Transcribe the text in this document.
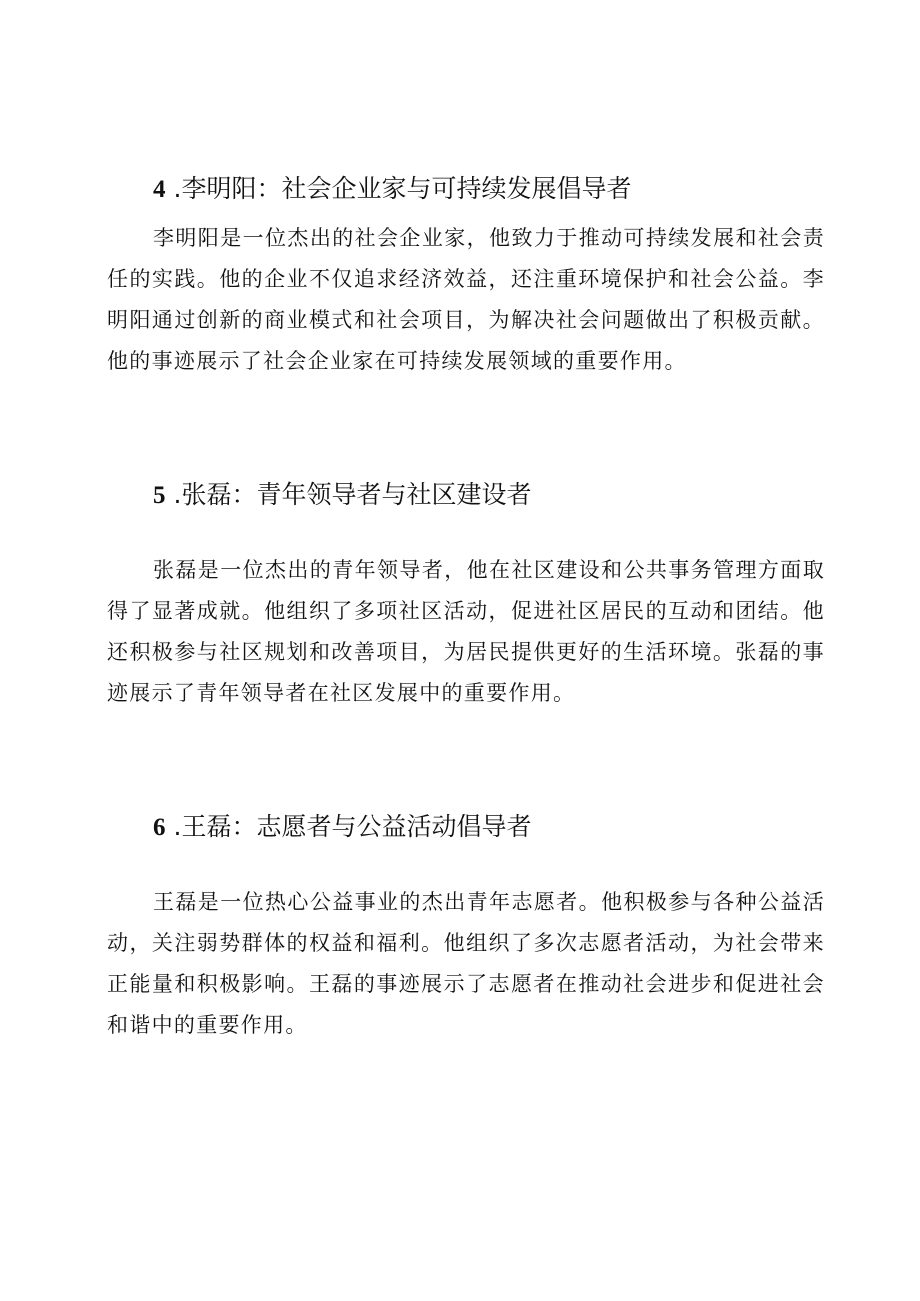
4 .李明阳：社会企业家与可持续发展倡导者

李明阳是一位杰出的社会企业家，他致力于推动可持续发展和社会责任的实践。他的企业不仅追求经济效益，还注重环境保护和社会公益。李明阳通过创新的商业模式和社会项目，为解决社会问题做出了积极贡献。他的事迹展示了社会企业家在可持续发展领域的重要作用。

5 .张磊：青年领导者与社区建设者

张磊是一位杰出的青年领导者，他在社区建设和公共事务管理方面取得了显著成就。他组织了多项社区活动，促进社区居民的互动和团结。他还积极参与社区规划和改善项目，为居民提供更好的生活环境。张磊的事迹展示了青年领导者在社区发展中的重要作用。

6 .王磊：志愿者与公益活动倡导者

王磊是一位热心公益事业的杰出青年志愿者。他积极参与各种公益活动，关注弱势群体的权益和福利。他组织了多次志愿者活动，为社会带来正能量和积极影响。王磊的事迹展示了志愿者在推动社会进步和促进社会和谐中的重要作用。
